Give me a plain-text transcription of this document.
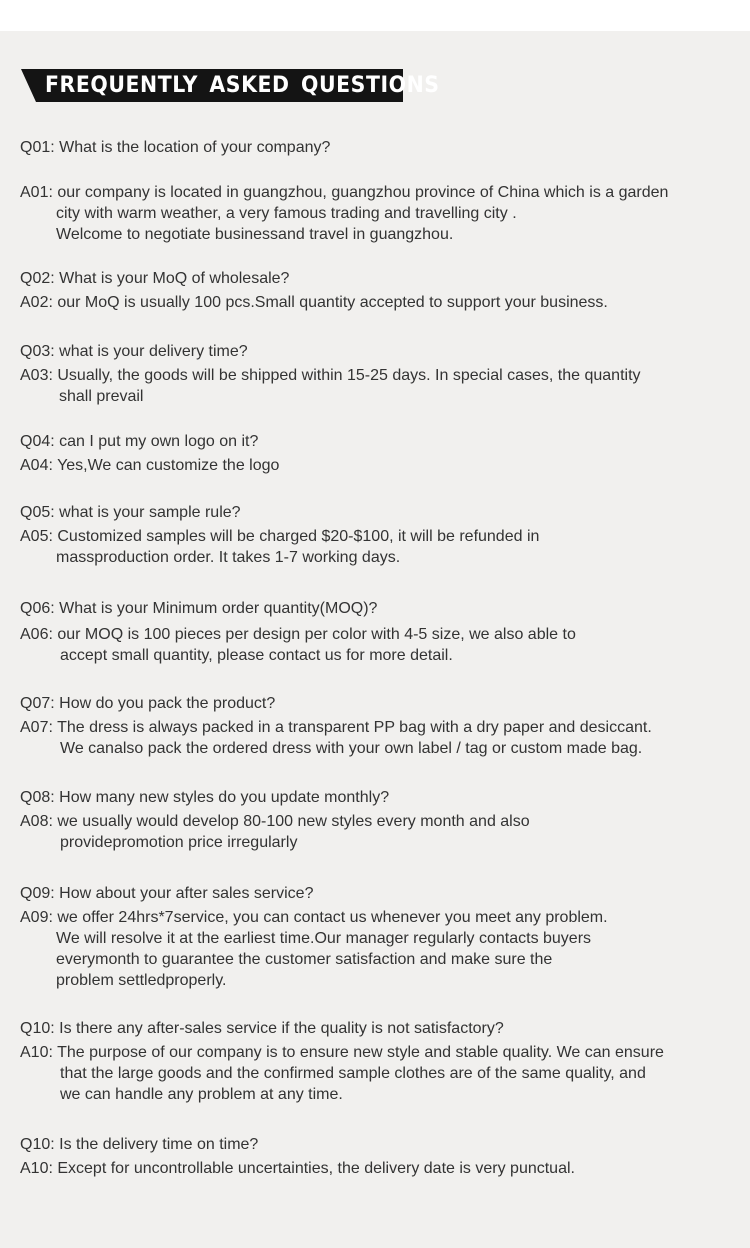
FREQUENTLY ASKED QUESTIONS
Q01: What is the location of your company?
A01: our company is located in guangzhou, guangzhou province of China which is a garden
city with warm weather, a very famous trading and travelling city .
Welcome to negotiate businessand travel in guangzhou.
Q02: What is your MoQ of wholesale?
A02: our MoQ is usually 100 pcs.Small quantity accepted to support your business.
Q03: what is your delivery time?
A03: Usually, the goods will be shipped within 15-25 days. In special cases, the quantity
shall prevail
Q04: can I put my own logo on it?
A04: Yes,We can customize the logo
Q05: what is your sample rule?
A05: Customized samples will be charged $20-$100, it will be refunded in
massproduction order. It takes 1-7 working days.
Q06: What is your Minimum order quantity(MOQ)?
A06: our MOQ is 100 pieces per design per color with 4-5 size, we also able to
accept small quantity, please contact us for more detail.
Q07: How do you pack the product?
A07: The dress is always packed in a transparent PP bag with a dry paper and desiccant.
We canalso pack the ordered dress with your own label / tag or custom made bag.
Q08: How many new styles do you update monthly?
A08: we usually would develop 80-100 new styles every month and also
providepromotion price irregularly
Q09: How about your after sales service?
A09: we offer 24hrs*7service, you can contact us whenever you meet any problem.
We will resolve it at the earliest time.Our manager regularly contacts buyers
everymonth to guarantee the customer satisfaction and make sure the
problem settledproperly.
Q10: Is there any after-sales service if the quality is not satisfactory?
A10: The purpose of our company is to ensure new style and stable quality. We can ensure
that the large goods and the confirmed sample clothes are of the same quality, and
we can handle any problem at any time.
Q10: Is the delivery time on time?
A10: Except for uncontrollable uncertainties, the delivery date is very punctual.
